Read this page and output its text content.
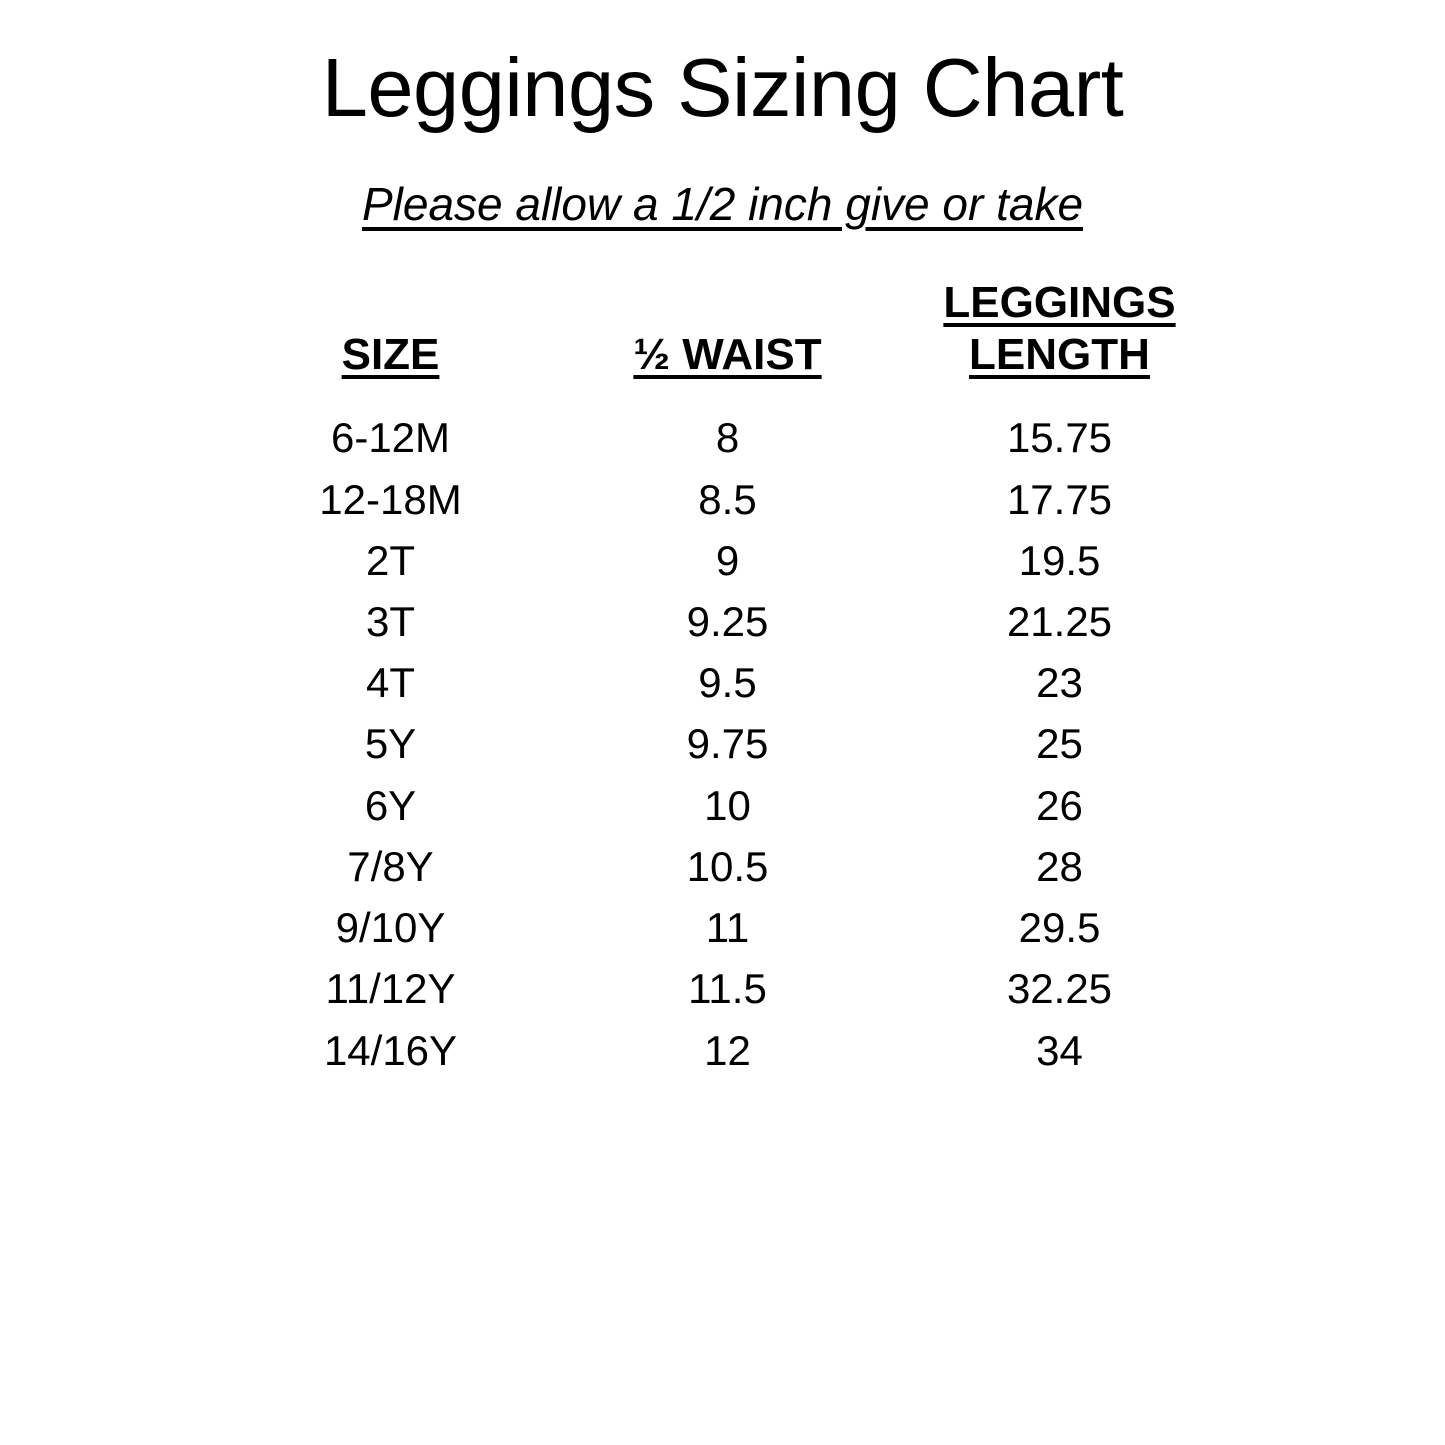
Leggings Sizing Chart

Please allow a 1/2 inch give or take

SIZE	½ WAIST	LEGGINGS LENGTH

6-12M	8	15.75
12-18M	8.5	17.75
2T	9	19.5
3T	9.25	21.25
4T	9.5	23
5Y	9.75	25
6Y	10	26
7/8Y	10.5	28
9/10Y	11	29.5
11/12Y	11.5	32.25
14/16Y	12	34
